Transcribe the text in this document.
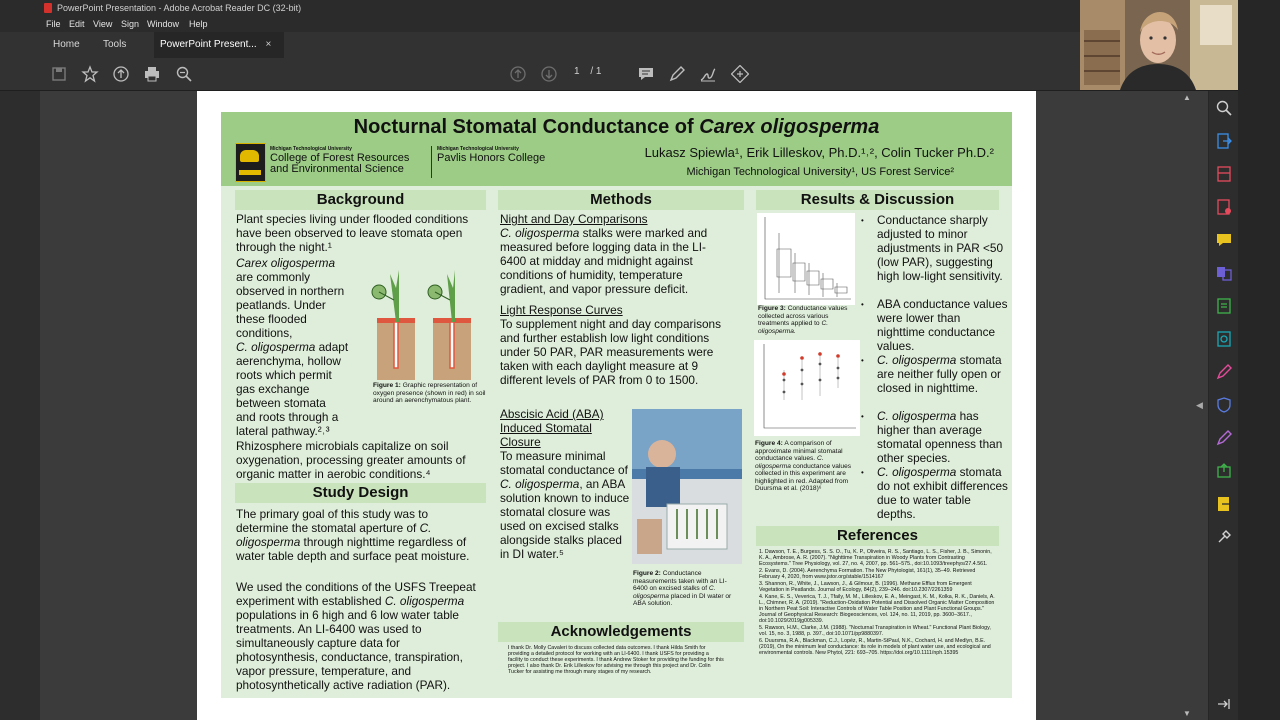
PowerPoint Presentation - Adobe Acrobat Reader DC (32-bit)
File Edit View Sign Window Help
Home Tools	PowerPoint Present... ×
1 / 1
Nocturnal Stomatal Conductance of Carex oligosperma
Michigan Technological University
College of Forest Resources
and Environmental Science
Michigan Technological University
Pavlis Honors College	Lukasz Spiewla¹, Erik Lilleskov, Ph.D.¹˒², Colin Tucker Ph.D.²
Michigan Technological University¹, US Forest Service²
Background
Plant species living under flooded conditions have been observed to leave stomata open through the night.¹
Carex oligosperma
are commonly
observed in northern
peatlands. Under
these flooded
conditions,
C. oligosperma adapt
aerenchyma, hollow
roots which permit
gas exchange
between stomata
and roots through a
lateral pathway.²˒³
Figure 1: Graphic representation of oxygen presence (shown in red) in soil around an aerenchymatous plant.
Rhizosphere microbials capitalize on soil oxygenation, processing greater amounts of organic matter in aerobic conditions.⁴
Study Design
The primary goal of this study was to determine the stomatal aperture of C. oligosperma through nighttime regardless of water table depth and surface peat moisture.
We used the conditions of the USFS Treepeat experiment with established C. oligosperma populations in 6 high and 6 low water table treatments. An LI-6400 was used to simultaneously capture data for photosynthesis, conductance, transpiration, vapor pressure, temperature, and photosynthetically active radiation (PAR).
Methods
Night and Day Comparisons
C. oligosperma stalks were marked and measured before logging data in the LI-6400 at midday and midnight against conditions of humidity, temperature gradient, and vapor pressure deficit.
Light Response Curves
To supplement night and day comparisons and further establish low light conditions under 50 PAR, PAR measurements were taken with each daylight measure at 9 different levels of PAR from 0 to 1500.
Abscisic Acid (ABA) Induced Stomatal Closure
To measure minimal stomatal conductance of C. oligosperma, an ABA solution known to induce stomatal closure was used on excised stalks alongside stalks placed in DI water.⁵
Figure 2: Conductance measurements taken with an LI-6400 on excised stalks of C. oligosperma placed in DI water or ABA solution.
Acknowledgements
I thank Dr. Molly Cavaleri to discuss collected data outcomes. I thank Hilda Smith for providing a detailed protocol for working with an LI-6400. I thank USFS for providing a facility to conduct these experiments. I thank Andrew Stoker for providing the funding for this project. I also thank Dr. Erik Lilleskov for advising me through this project and Dr. Colin Tucker for assisting me through many stages of my research.
Results & Discussion
Figure 3: Conductance values collected across various treatments applied to C. oligosperma.
Figure 4: A comparison of approximate minimal stomatal conductance values. C. oligosperma conductance values collected in this experiment are highlighted in red. Adapted from Duursma et al. (2018)⁶
Conductance sharply adjusted to minor adjustments in PAR <50 (low PAR), suggesting high low-light sensitivity.
ABA conductance values were lower than nighttime conductance values.
C. oligosperma stomata are neither fully open or closed in nighttime.
C. oligosperma has higher than average stomatal openness than other species.
C. oligosperma stomata do not exhibit differences due to water table depths.
•
•
•
•
•
References
1. Dawson, T. E., Burgess, S. S. O., Tu, K. P., Oliveira, R. S., Santiago, L. S., Fisher, J. B., Simonin, K. A., Ambrose, A. R. (2007). "Nighttime Transpiration in Woody Plants from Contrasting Ecosystems." Tree Physiology, vol. 27, no. 4, 2007, pp. 561–575., doi:10.1093/treephys/27.4.561.
2. Evans, D. (2004). Aerenchyma Formation. The New Phytologist, 161(1), 35–49. Retrieved February 4, 2020, from www.jstor.org/stable/1514167
3. Shannon, R., White, J., Lawson, J., & Gilmour, B. (1996). Methane Efflux from Emergent Vegetation in Peatlands. Journal of Ecology, 84(2), 239–246. doi:10.2307/2261359
4. Kane, E. S., Veverica, T. J., Tfaily, M. M., Lilleskov, E. A., Meingast, K. M., Kolka, R. K., Daniels, A. L., Chimner, R. A. (2019). "Reduction-Oxidation Potential and Dissolved Organic Matter Composition in Northern Peat Soil: Interactive Controls of Water Table Position and Plant Functional Groups." Journal of Geophysical Research: Biogeosciences, vol. 124, no. 11, 2019, pp. 3600–3617., doi:10.1029/2019jg005339.
5. Rawson, H.M., Clarke, J.M. (1988). "Nocturnal Transpiration in Wheat." Functional Plant Biology, vol. 15, no. 3, 1988, p. 397., doi:10.1071/pp9880397.
6. Duursma, R.A., Blackman, C.J., Lopéz, R., Martin-StPaul, N.K., Cochard, H. and Medlyn, B.E. (2019), On the minimum leaf conductance: its role in models of plant water use, and ecological and environmental controls. New Phytol, 221: 693–705. https://doi.org/10.1111/nph.15395
◀
▲
▼
